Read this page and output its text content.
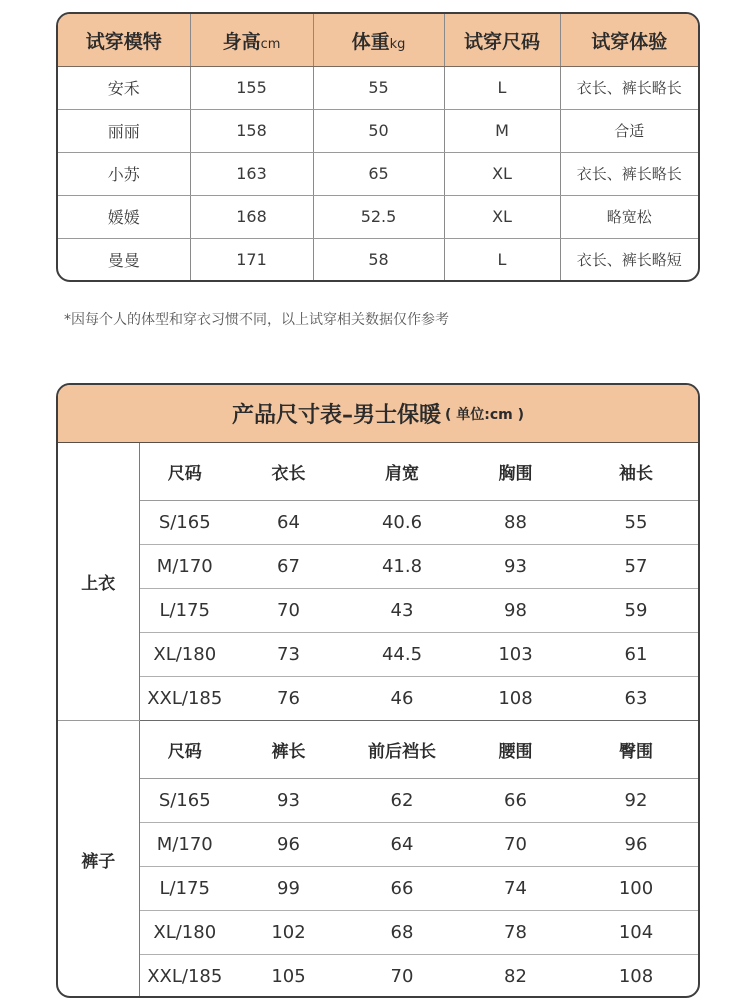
试穿模特	身高cm	体重kg	试穿尺码	试穿体验
安禾	155	55	L	衣长、裤长略长
丽丽	158	50	M	合适
小苏	163	65	XL	衣长、裤长略长
媛媛	168	52.5	XL	略宽松
曼曼	171	58	L	衣长、裤长略短
*因每个人的体型和穿衣习惯不同，以上试穿相关数据仅作参考
产品尺寸表–男士保暖 ( 单位:cm )
上衣	尺码	衣长	肩宽	胸围	袖长
	S/165	64	40.6	88	55
	M/170	67	41.8	93	57
	L/175	70	43	98	59
	XL/180	73	44.5	103	61
	XXL/185	76	46	108	63
裤子	尺码	裤长	前后裆长	腰围	臀围
	S/165	93	62	66	92
	M/170	96	64	70	96
	L/175	99	66	74	100
	XL/180	102	68	78	104
	XXL/185	105	70	82	108
